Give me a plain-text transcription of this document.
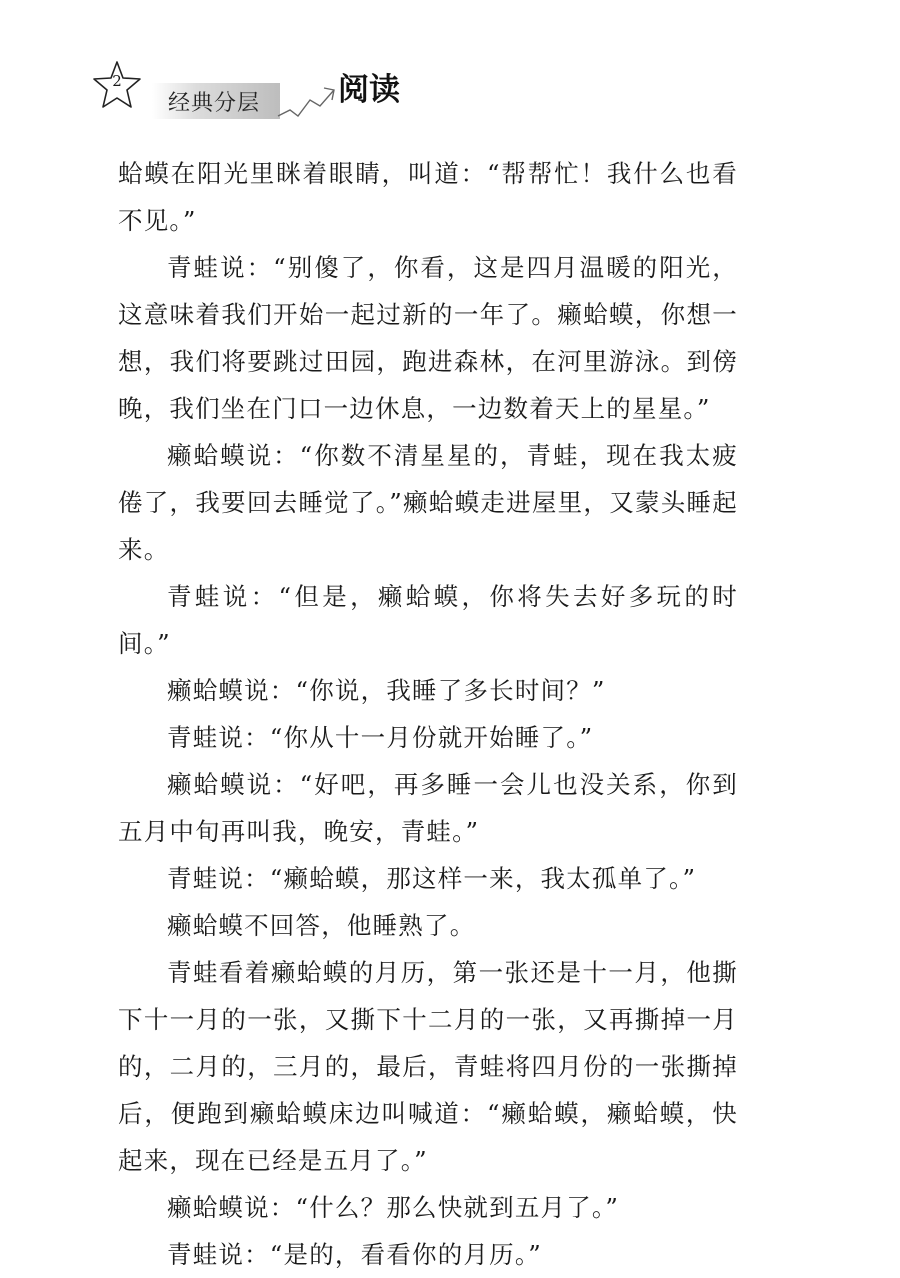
2
经典分层	阅读

蛤蟆在阳光里眯着眼睛，叫道：“帮帮忙！我什么也看不见。”

青蛙说：“别傻了，你看，这是四月温暖的阳光，这意味着我们开始一起过新的一年了。癞蛤蟆，你想一想，我们将要跳过田园，跑进森林，在河里游泳。到傍晚，我们坐在门口一边休息，一边数着天上的星星。”

癞蛤蟆说：“你数不清星星的，青蛙，现在我太疲倦了，我要回去睡觉了。”癞蛤蟆走进屋里，又蒙头睡起来。

青蛙说：“但是，癞蛤蟆，你将失去好多玩的时间。”

癞蛤蟆说：“你说，我睡了多长时间？”

青蛙说：“你从十一月份就开始睡了。”

癞蛤蟆说：“好吧，再多睡一会儿也没关系，你到五月中旬再叫我，晚安，青蛙。”

青蛙说：“癞蛤蟆，那这样一来，我太孤单了。”

癞蛤蟆不回答，他睡熟了。

青蛙看着癞蛤蟆的月历，第一张还是十一月，他撕下十一月的一张，又撕下十二月的一张，又再撕掉一月的，二月的，三月的，最后，青蛙将四月份的一张撕掉后，便跑到癞蛤蟆床边叫喊道：“癞蛤蟆，癞蛤蟆，快起来，现在已经是五月了。”

癞蛤蟆说：“什么？那么快就到五月了。”

青蛙说：“是的，看看你的月历。”
